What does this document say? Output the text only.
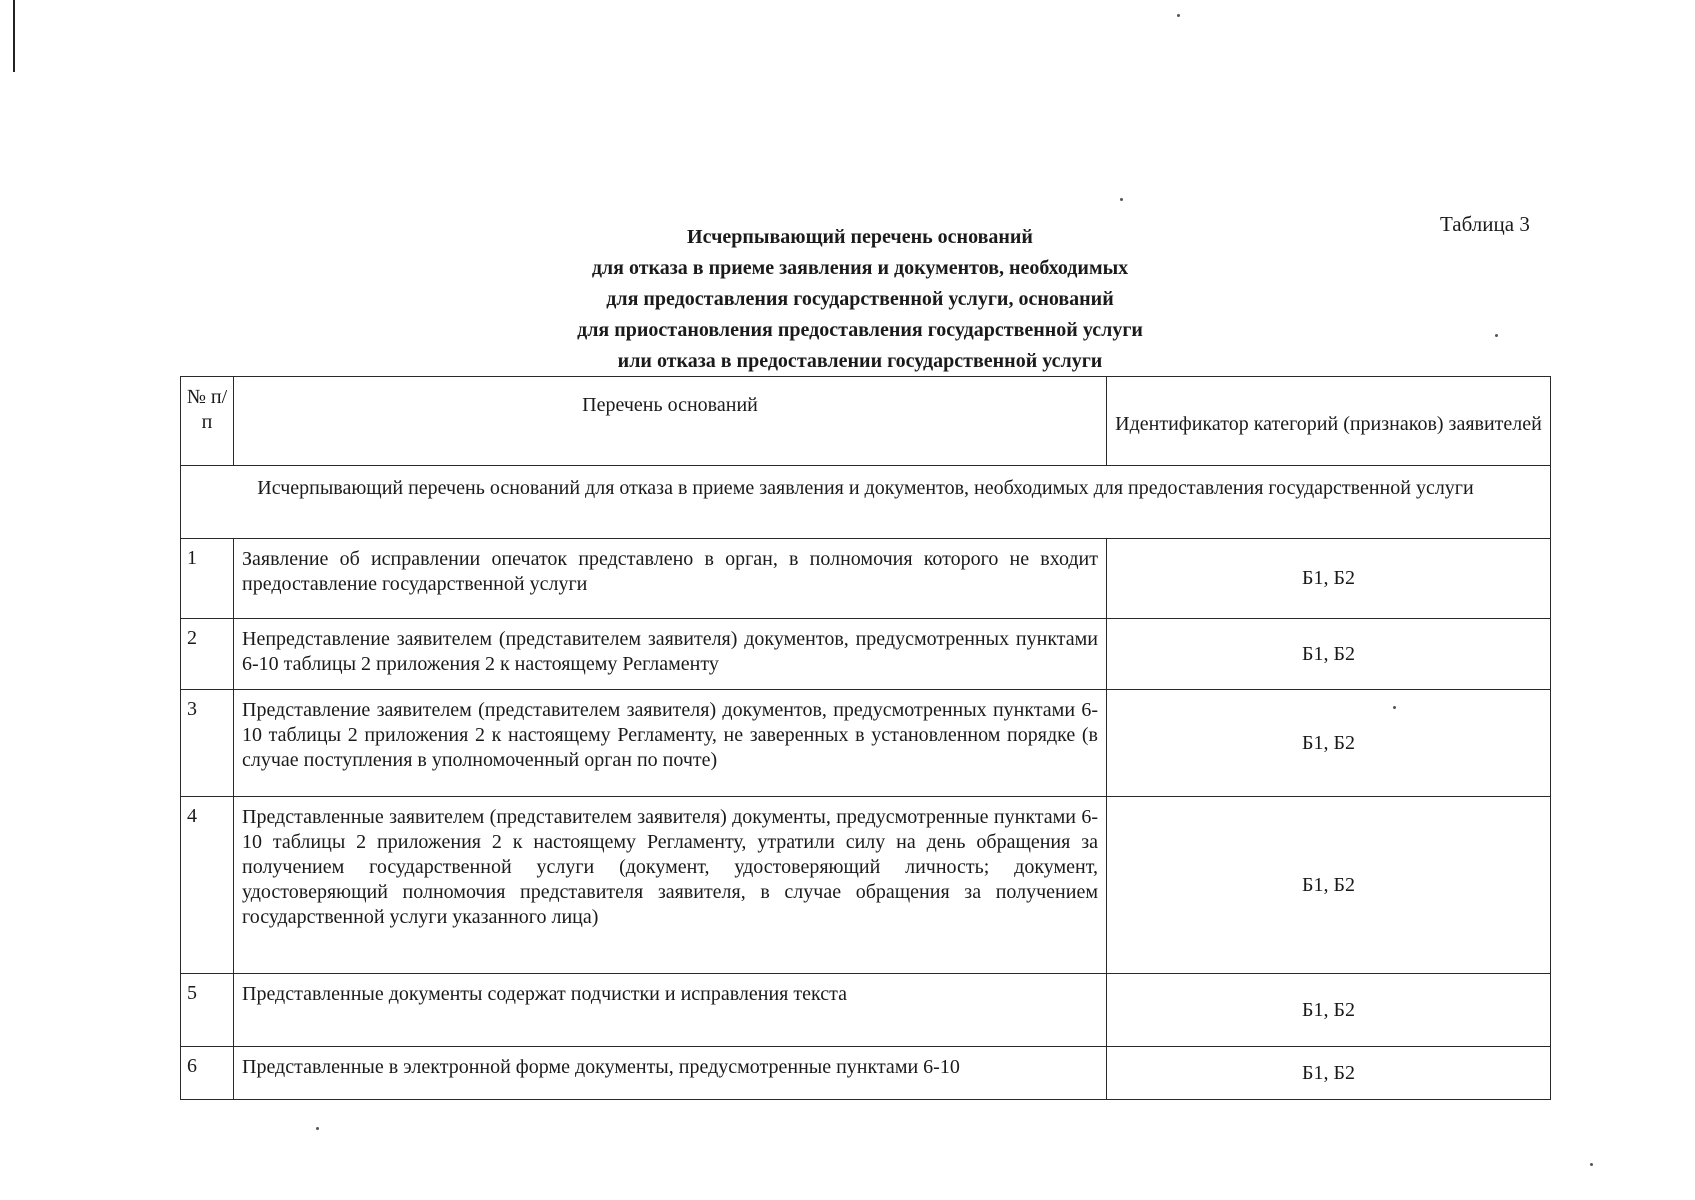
Таблица 3
Исчерпывающий перечень оснований
для отказа в приеме заявления и документов, необходимых
для предоставления государственной услуги, оснований
для приостановления предоставления государственной услуги
или отказа в предоставлении государственной услуги
№ п/п	Перечень оснований	Идентификатор категорий (признаков) заявителей
Исчерпывающий перечень оснований для отказа в приеме заявления и документов, необходимых для предоставления государственной услуги		
1	Заявление об исправлении опечаток представлено в орган, в полномочия которого не входит предоставление государственной услуги	Б1, Б2
2	Непредставление заявителем (представителем заявителя) документов, предусмотренных пунктами 6-10 таблицы 2 приложения 2 к настоящему Регламенту	Б1, Б2
3	Представление заявителем (представителем заявителя) документов, предусмотренных пунктами 6-10 таблицы 2 приложения 2 к настоящему Регламенту, не заверенных в установленном порядке (в случае поступления в уполномоченный орган по почте)	Б1, Б2
4	Представленные заявителем (представителем заявителя) документы, предусмотренные пунктами 6-10 таблицы 2 приложения 2 к настоящему Регламенту, утратили силу на день обращения за получением государственной услуги (документ, удостоверяющий личность; документ, удостоверяющий полномочия представителя заявителя, в случае обращения за получением государственной услуги указанного лица)	Б1, Б2
5	Представленные документы содержат подчистки и исправления текста	Б1, Б2
6	Представленные в электронной форме документы, предусмотренные пунктами 6-10	Б1, Б2
